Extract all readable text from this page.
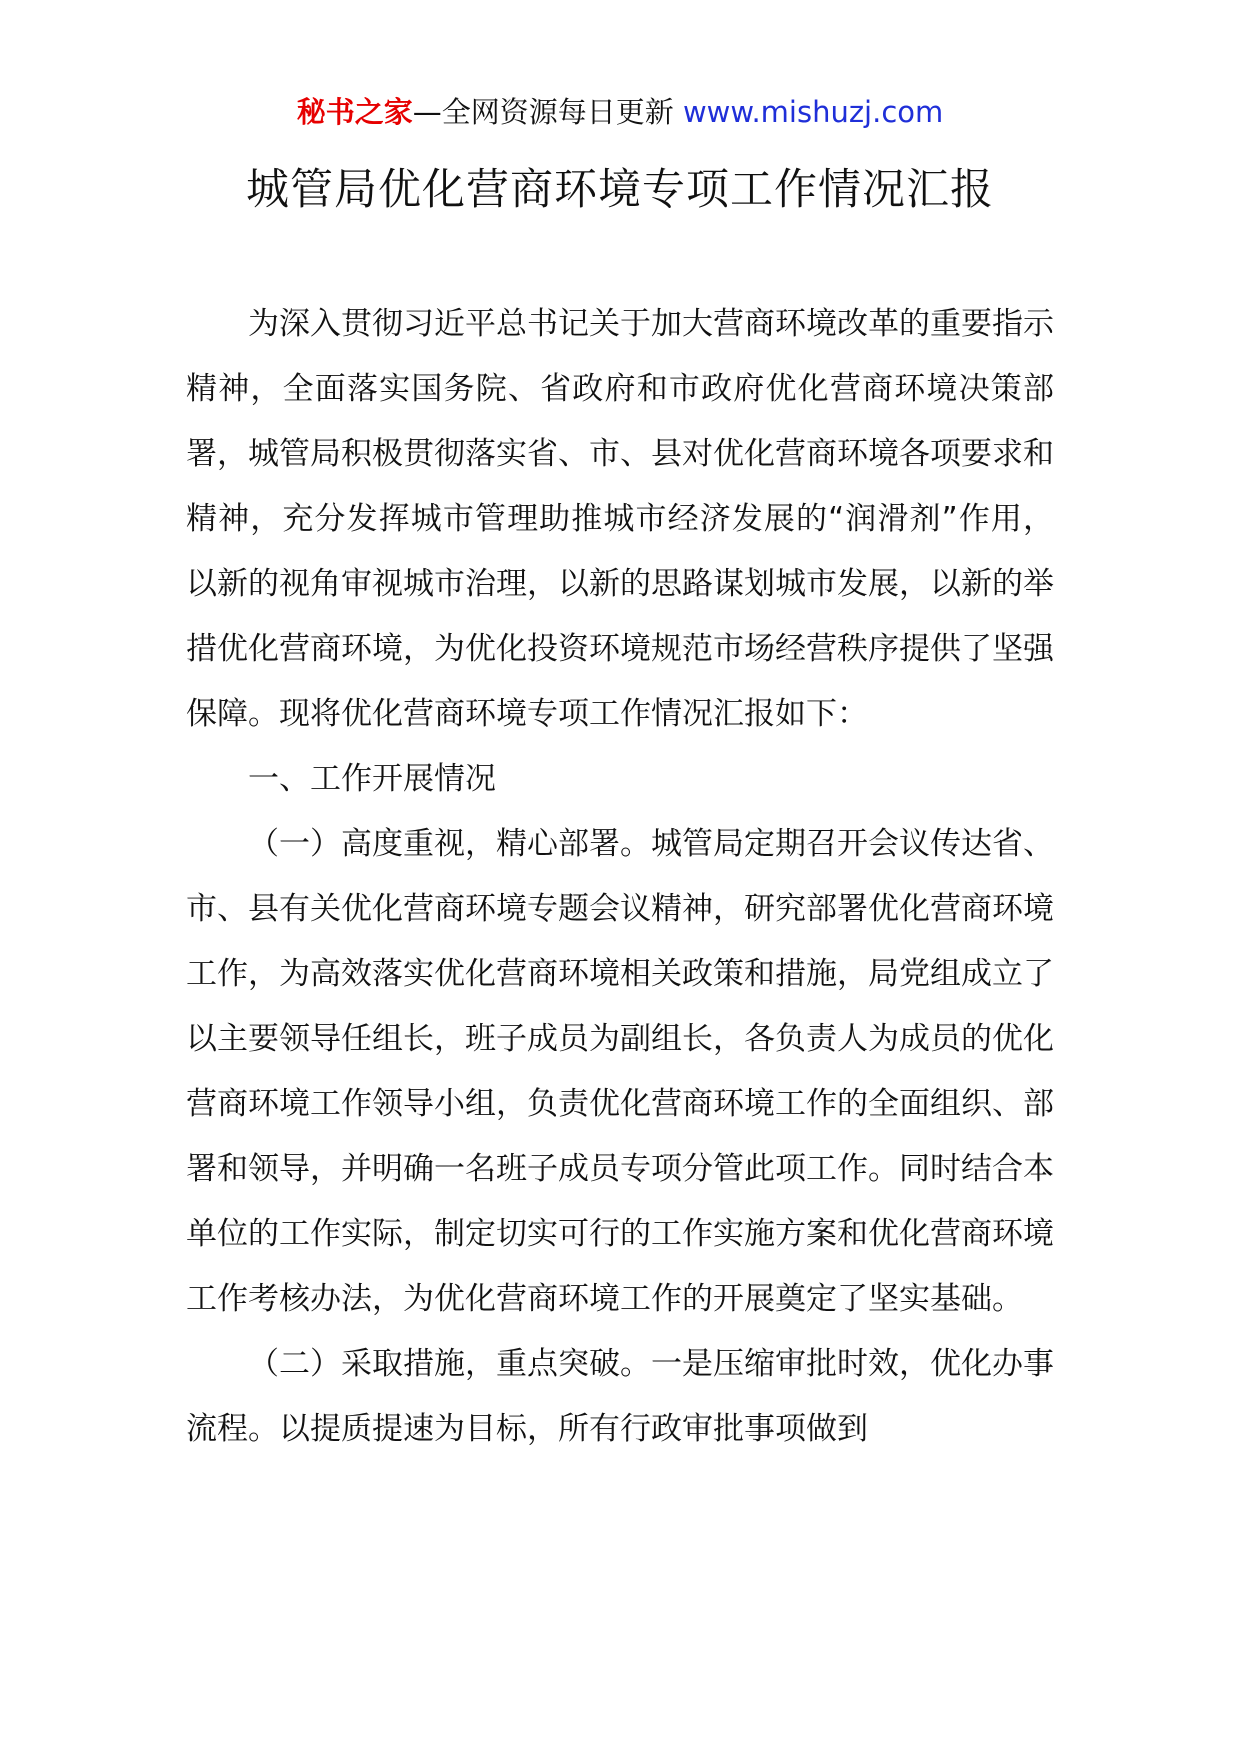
秘书之家—全网资源每日更新 www.mishuzj.com
城管局优化营商环境专项工作情况汇报

为深入贯彻习近平总书记关于加大营商环境改革的重要指示精神，全面落实国务院、省政府和市政府优化营商环境决策部署，城管局积极贯彻落实省、市、县对优化营商环境各项要求和精神，充分发挥城市管理助推城市经济发展的“润滑剂”作用，以新的视角审视城市治理，以新的思路谋划城市发展，以新的举措优化营商环境，为优化投资环境规范市场经营秩序提供了坚强保障。现将优化营商环境专项工作情况汇报如下：

一、工作开展情况

（一）高度重视，精心部署。城管局定期召开会议传达省、市、县有关优化营商环境专题会议精神，研究部署优化营商环境工作，为高效落实优化营商环境相关政策和措施，局党组成立了以主要领导任组长，班子成员为副组长，各负责人为成员的优化营商环境工作领导小组，负责优化营商环境工作的全面组织、部署和领导，并明确一名班子成员专项分管此项工作。同时结合本单位的工作实际，制定切实可行的工作实施方案和优化营商环境工作考核办法，为优化营商环境工作的开展奠定了坚实基础。

（二）采取措施，重点突破。一是压缩审批时效，优化办事流程。以提质提速为目标，所有行政审批事项做到
